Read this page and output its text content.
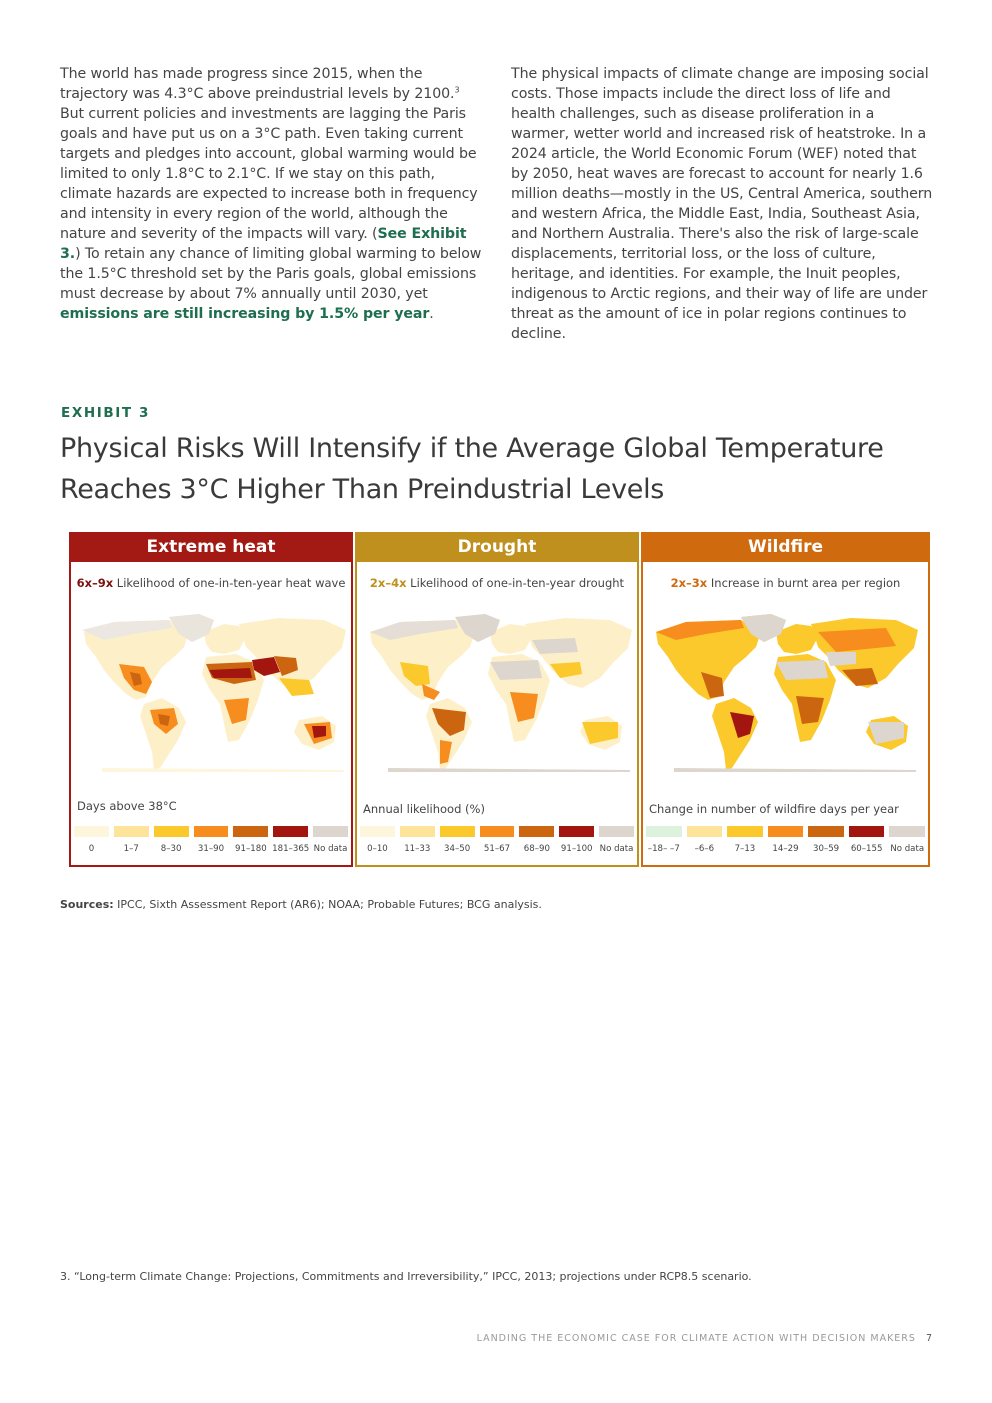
The world has made progress since 2015, when the trajectory was 4.3°C above preindustrial levels by 2100.$^3$ But current policies and investments are lagging the Paris goals and have put us on a 3°C path. Even taking current targets and pledges into account, global warming would be limited to only 1.8°C to 2.1°C. If we stay on this path, climate hazards are expected to increase both in frequency and intensity in every region of the world, although the nature and severity of the impacts will vary. (See Exhibit 3.) To retain any chance of limiting global warming to below the 1.5°C threshold set by the Paris goals, global emissions must decrease by about 7% annually until 2030, yet emissions are still increasing by 1.5% per year.
The physical impacts of climate change are imposing social costs. Those impacts include the direct loss of life and health challenges, such as disease proliferation in a warmer, wetter world and increased risk of heatstroke. In a 2024 article, the World Economic Forum (WEF) noted that by 2050, heat waves are forecast to account for nearly 1.6 million deaths—mostly in the US, Central America, southern and western Africa, the Middle East, India, Southeast Asia, and Northern Australia. There's also the risk of large-scale displacements, territorial loss, or the loss of culture, heritage, and identities. For example, the Inuit peoples, indigenous to Arctic regions, and their way of life are under threat as the amount of ice in polar regions continues to decline.
EXHIBIT 3
Physical Risks Will Intensify if the Average Global Temperature Reaches 3°C Higher Than Preindustrial Levels
Extreme heat
6x–9x Likelihood of one-in-ten-year heat wave
Days above 38°C
0	1–7	8–30 31–90 91–180 181–365 No data
Drought
2x–4x Likelihood of one-in-ten-year drought
Annual likelihood (%)
0–10 11–33 34–50 51–67 68–90 91–100 No data
Wildfire
2x–3x Increase in burnt area per region
Change in number of wildfire days per year
–18– –7 –6–6 7–13 14–29 30–59 60–155 No data
Sources: IPCC, Sixth Assessment Report (AR6); NOAA; Probable Futures; BCG analysis.
3. “Long-term Climate Change: Projections, Commitments and Irreversibility,” IPCC, 2013; projections under RCP8.5 scenario.
LANDING THE ECONOMIC CASE FOR CLIMATE ACTION WITH DECISION MAKERS 7
